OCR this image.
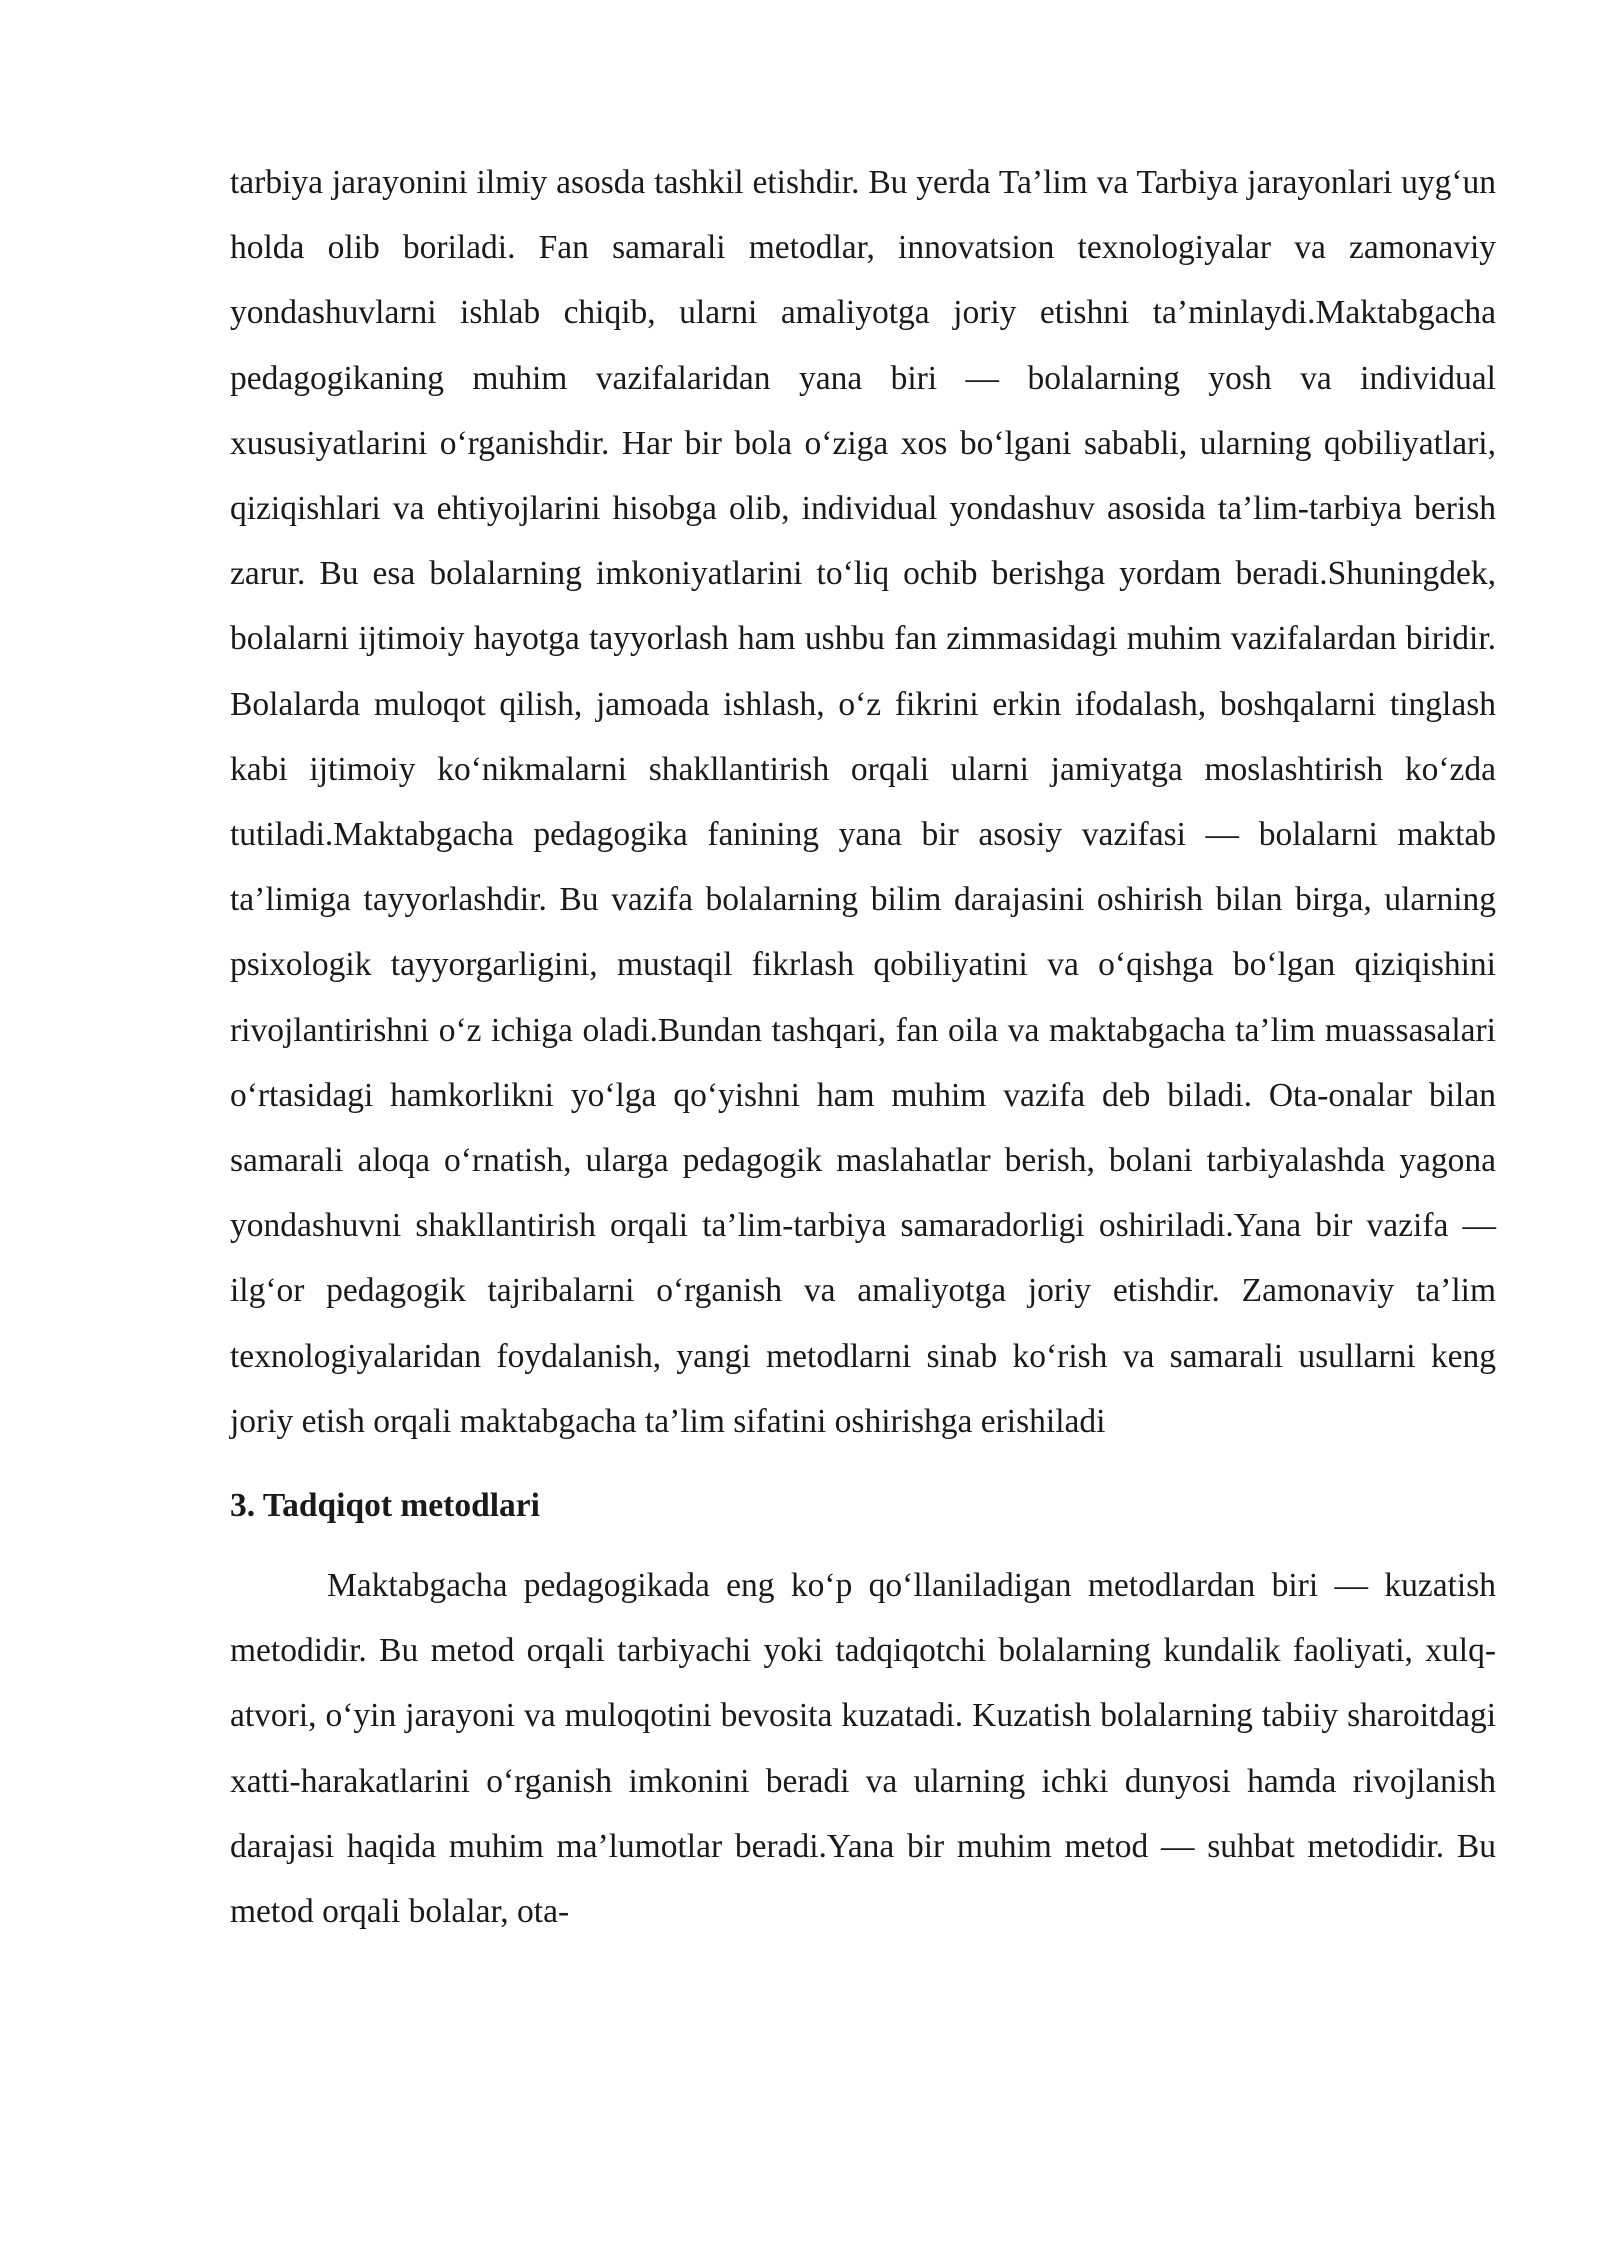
tarbiya jarayonini ilmiy asosda tashkil etishdir. Bu yerda Ta’lim va Tarbiya jarayonlari uyg‘un holda olib boriladi. Fan samarali metodlar, innovatsion texnologiyalar va zamonaviy yondashuvlarni ishlab chiqib, ularni amaliyotga joriy etishni ta’minlaydi.Maktabgacha pedagogikaning muhim vazifalaridan yana biri — bolalarning yosh va individual xususiyatlarini o‘rganishdir. Har bir bola o‘ziga xos bo‘lgani sababli, ularning qobiliyatlari, qiziqishlari va ehtiyojlarini hisobga olib, individual yondashuv asosida ta’lim-tarbiya berish zarur. Bu esa bolalarning imkoniyatlarini to‘liq ochib berishga yordam beradi.Shuningdek, bolalarni ijtimoiy hayotga tayyorlash ham ushbu fan zimmasidagi muhim vazifalardan biridir. Bolalarda muloqot qilish, jamoada ishlash, o‘z fikrini erkin ifodalash, boshqalarni tinglash kabi ijtimoiy ko‘nikmalarni shakllantirish orqali ularni jamiyatga moslashtirish ko‘zda tutiladi.Maktabgacha pedagogika fanining yana bir asosiy vazifasi — bolalarni maktab ta’limiga tayyorlashdir. Bu vazifa bolalarning bilim darajasini oshirish bilan birga, ularning psixologik tayyorgarligini, mustaqil fikrlash qobiliyatini va o‘qishga bo‘lgan qiziqishini rivojlantirishni o‘z ichiga oladi.Bundan tashqari, fan oila va maktabgacha ta’lim muassasalari o‘rtasidagi hamkorlikni yo‘lga qo‘yishni ham muhim vazifa deb biladi. Ota-onalar bilan samarali aloqa o‘rnatish, ularga pedagogik maslahatlar berish, bolani tarbiyalashda yagona yondashuvni shakllantirish orqali ta’lim-tarbiya samaradorligi oshiriladi.Yana bir vazifa — ilg‘or pedagogik tajribalarni o‘rganish va amaliyotga joriy etishdir. Zamonaviy ta’lim texnologiyalaridan foydalanish, yangi metodlarni sinab ko‘rish va samarali usullarni keng joriy etish orqali maktabgacha ta’lim sifatini oshirishga erishiladi

3. Tadqiqot metodlari

Maktabgacha pedagogikada eng ko‘p qo‘llaniladigan metodlardan biri — kuzatish metodidir. Bu metod orqali tarbiyachi yoki tadqiqotchi bolalarning kundalik faoliyati, xulq-atvori, o‘yin jarayoni va muloqotini bevosita kuzatadi. Kuzatish bolalarning tabiiy sharoitdagi xatti-harakatlarini o‘rganish imkonini beradi va ularning ichki dunyosi hamda rivojlanish darajasi haqida muhim ma’lumotlar beradi.Yana bir muhim metod — suhbat metodidir. Bu metod orqali bolalar, ota-
